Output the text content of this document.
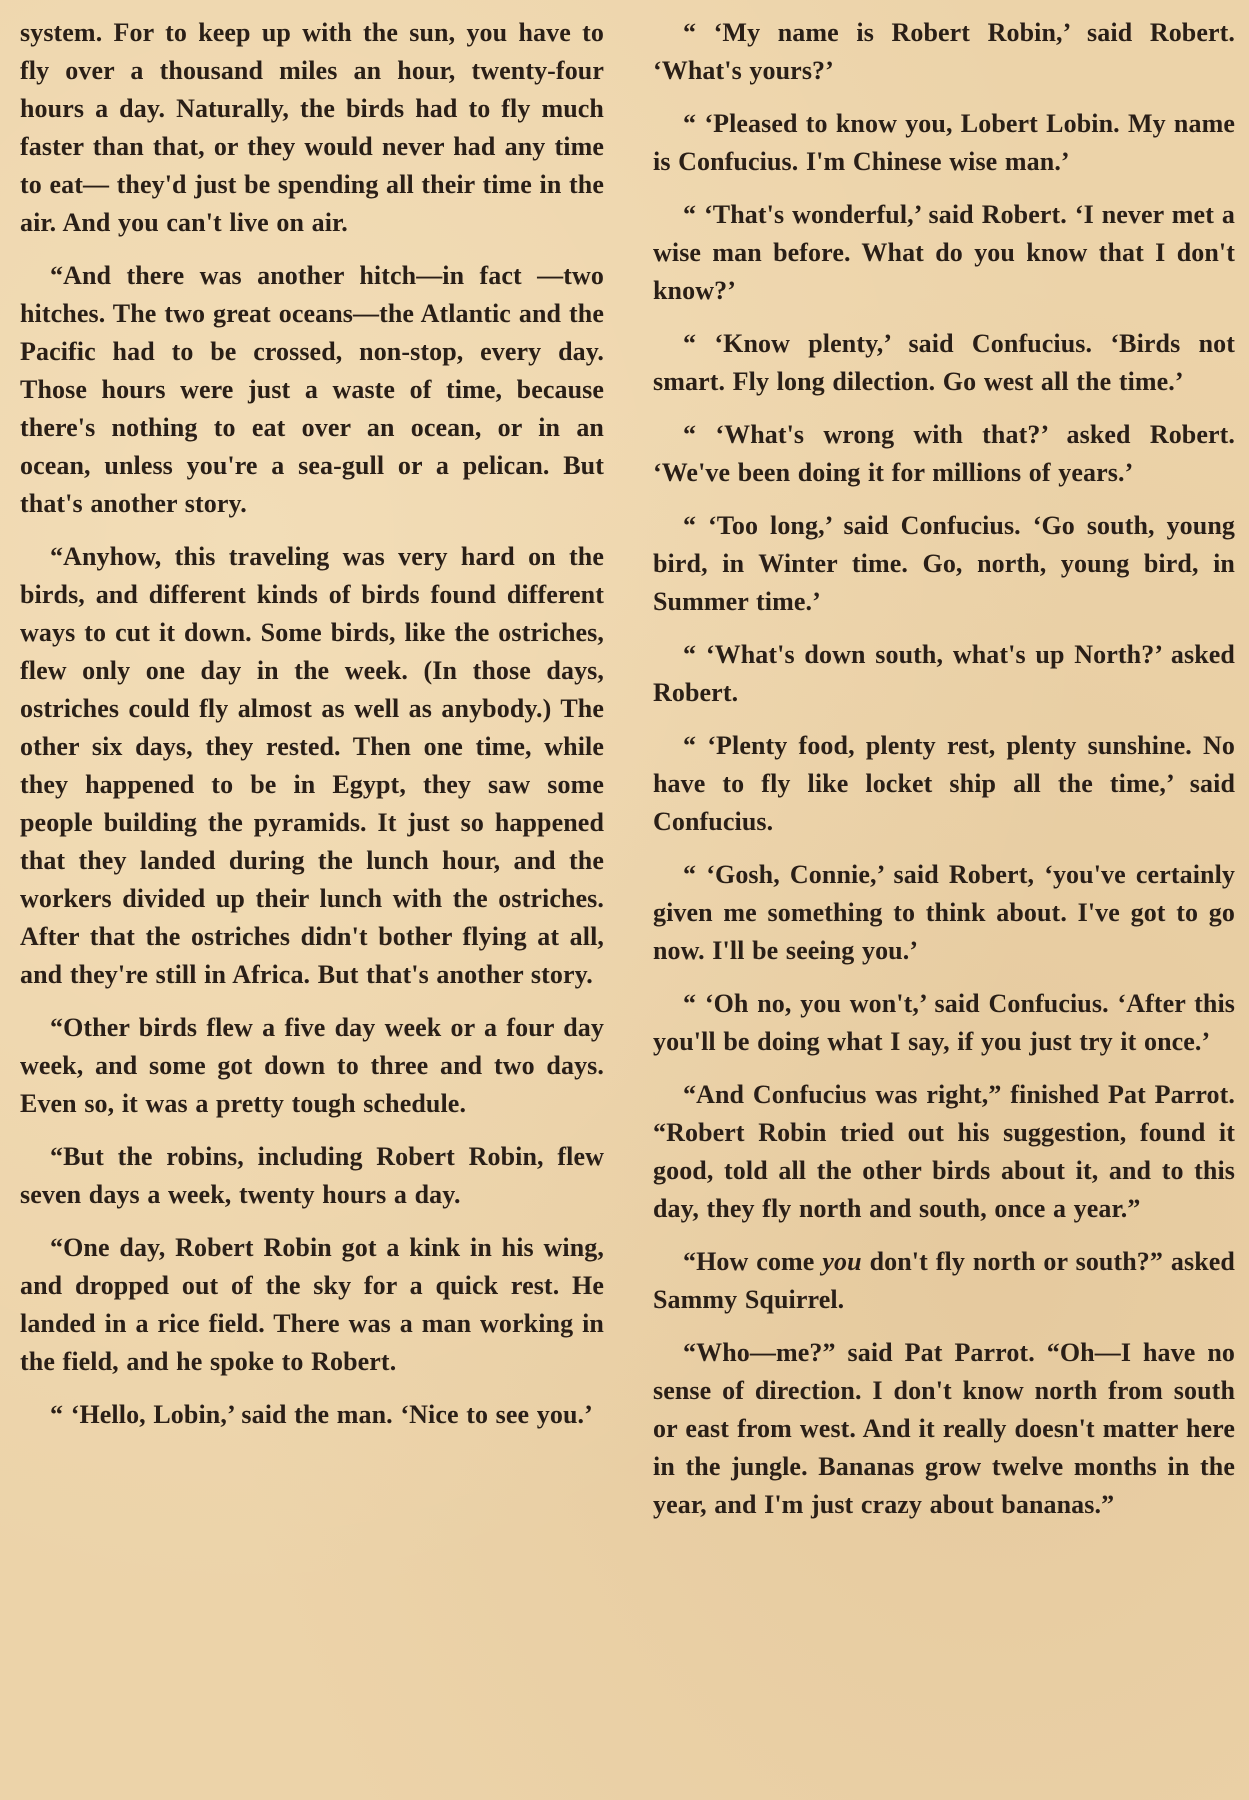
system. For to keep up with the sun, you have to fly over a thousand miles an hour, twenty-four hours a day. Naturally, the birds had to fly much faster than that, or they would never had any time to eat— they'd just be spending all their time in the air. And you can't live on air.

“And there was another hitch—in fact —two hitches. The two great oceans—the Atlantic and the Pacific had to be crossed, non-stop, every day. Those hours were just a waste of time, because there's nothing to eat over an ocean, or in an ocean, unless you're a sea-gull or a pelican. But that's another story.

“Anyhow, this traveling was very hard on the birds, and different kinds of birds found different ways to cut it down. Some birds, like the ostriches, flew only one day in the week. (In those days, ostriches could fly almost as well as anybody.) The other six days, they rested. Then one time, while they happened to be in Egypt, they saw some people building the pyramids. It just so happened that they landed during the lunch hour, and the workers divided up their lunch with the ostriches. After that the ostriches didn't bother flying at all, and they're still in Africa. But that's another story.

“Other birds flew a five day week or a four day week, and some got down to three and two days. Even so, it was a pretty tough schedule.

“But the robins, including Robert Robin, flew seven days a week, twenty hours a day.

“One day, Robert Robin got a kink in his wing, and dropped out of the sky for a quick rest. He landed in a rice field. There was a man working in the field, and he spoke to Robert.

“ ‘Hello, Lobin,’ said the man. ‘Nice to see you.’

“ ‘My name is Robert Robin,’ said Robert. ‘What's yours?’

“ ‘Pleased to know you, Lobert Lobin. My name is Confucius. I'm Chinese wise man.’

“ ‘That's wonderful,’ said Robert. ‘I never met a wise man before. What do you know that I don't know?’

“ ‘Know plenty,’ said Confucius. ‘Birds not smart. Fly long dilection. Go west all the time.’

“ ‘What's wrong with that?’ asked Robert. ‘We've been doing it for millions of years.’

“ ‘Too long,’ said Confucius. ‘Go south, young bird, in Winter time. Go, north, young bird, in Summer time.’

“ ‘What's down south, what's up North?’ asked Robert.

“ ‘Plenty food, plenty rest, plenty sunshine. No have to fly like locket ship all the time,’ said Confucius.

“ ‘Gosh, Connie,’ said Robert, ‘you've certainly given me something to think about. I've got to go now. I'll be seeing you.’

“ ‘Oh no, you won't,’ said Confucius. ‘After this you'll be doing what I say, if you just try it once.’

“And Confucius was right,” finished Pat Parrot. “Robert Robin tried out his suggestion, found it good, told all the other birds about it, and to this day, they fly north and south, once a year.”

“How come you don't fly north or south?” asked Sammy Squirrel.

“Who—me?” said Pat Parrot. “Oh—I have no sense of direction. I don't know north from south or east from west. And it really doesn't matter here in the jungle. Bananas grow twelve months in the year, and I'm just crazy about bananas.”
